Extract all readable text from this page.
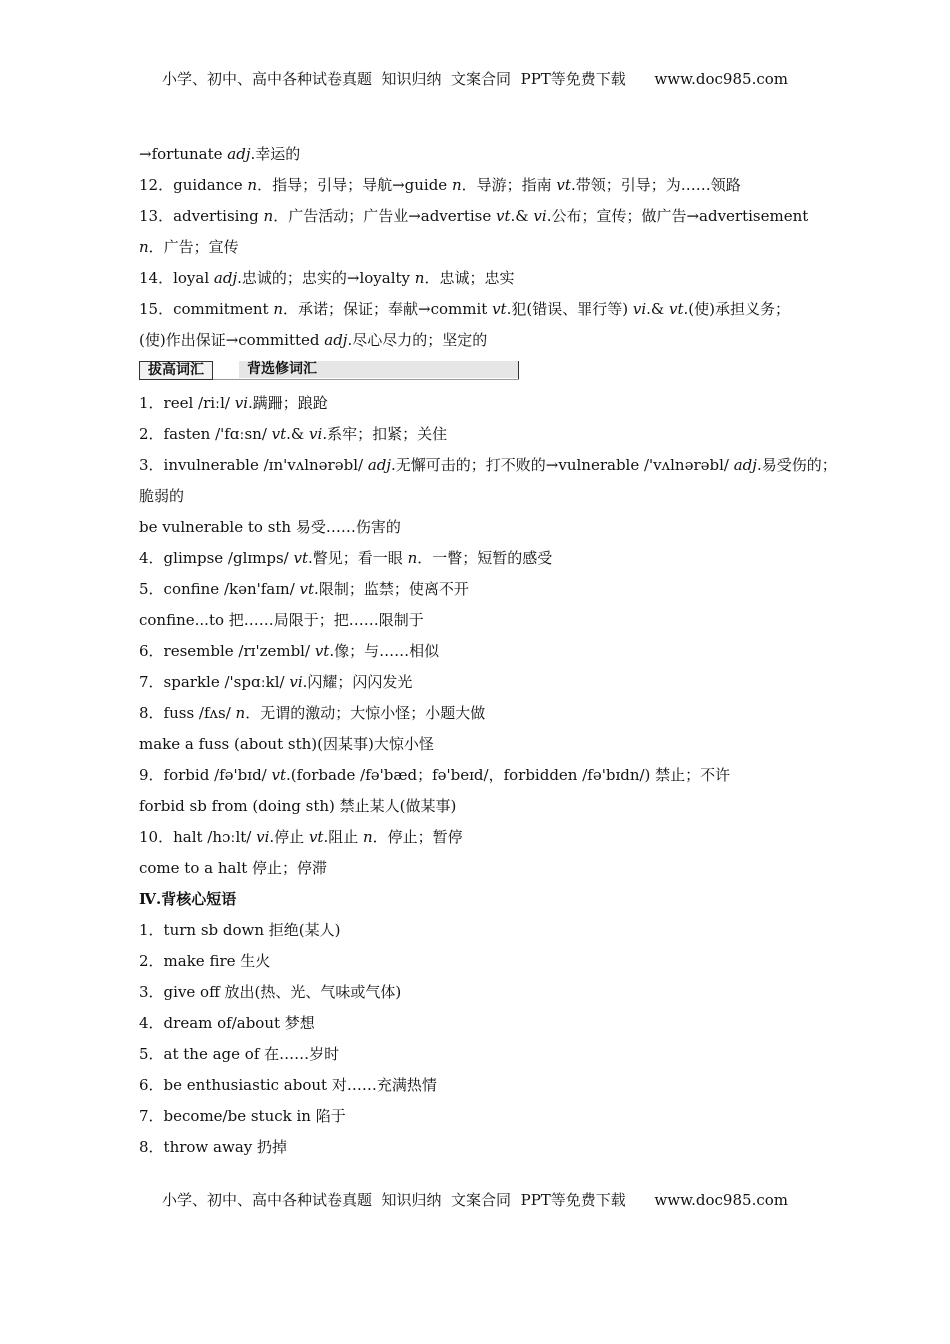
小学、初中、高中各种试卷真题  知识归纳  文案合同  PPT等免费下载      www.doc985.com
→fortunate adj.幸运的
12．guidance n．指导；引导；导航→guide n．导游；指南 vt.带领；引导；为……领路
13．advertising n．广告活动；广告业→advertise vt.& vi.公布；宣传；做广告→advertisement
n．广告；宣传
14．loyal adj.忠诚的；忠实的→loyalty n．忠诚；忠实
15．commitment n．承诺；保证；奉献→commit vt.犯(错误、罪行等) vi.& vt.(使)承担义务；
(使)作出保证→committed adj.尽心尽力的；坚定的
拔高词汇	背选修词汇
1．reel /riːl/ vi.蹒跚；踉跄
2．fasten /'fɑːsn/ vt.& vi.系牢；扣紧；关住
3．invulnerable /ɪn'vʌlnərəbl/ adj.无懈可击的；打不败的→vulnerable /'vʌlnərəbl/ adj.易受伤的；
脆弱的
be vulnerable to sth 易受……伤害的
4．glimpse /glɪmps/ vt.瞥见；看一眼 n．一瞥；短暂的感受
5．confine /kən'faɪn/ vt.限制；监禁；使离不开
confine...to 把……局限于；把……限制于
6．resemble /rɪ'zembl/ vt.像；与……相似
7．sparkle /'spɑːkl/ vi.闪耀；闪闪发光
8．fuss /fʌs/ n．无谓的激动；大惊小怪；小题大做
make a fuss (about sth)(因某事)大惊小怪
9．forbid /fə'bɪd/ vt.(forbade /fə'bæd；fə'beɪd/，forbidden /fə'bɪdn/) 禁止；不许
forbid sb from (doing sth) 禁止某人(做某事)
10．halt /hɔːlt/ vi.停止 vt.阻止 n．停止；暂停
come to a halt 停止；停滞
Ⅳ.背核心短语
1．turn sb down 拒绝(某人)
2．make fire 生火
3．give off 放出(热、光、气味或气体)
4．dream of/about 梦想
5．at the age of 在……岁时
6．be enthusiastic about 对……充满热情
7．become/be stuck in 陷于
8．throw away 扔掉
小学、初中、高中各种试卷真题  知识归纳  文案合同  PPT等免费下载      www.doc985.com
